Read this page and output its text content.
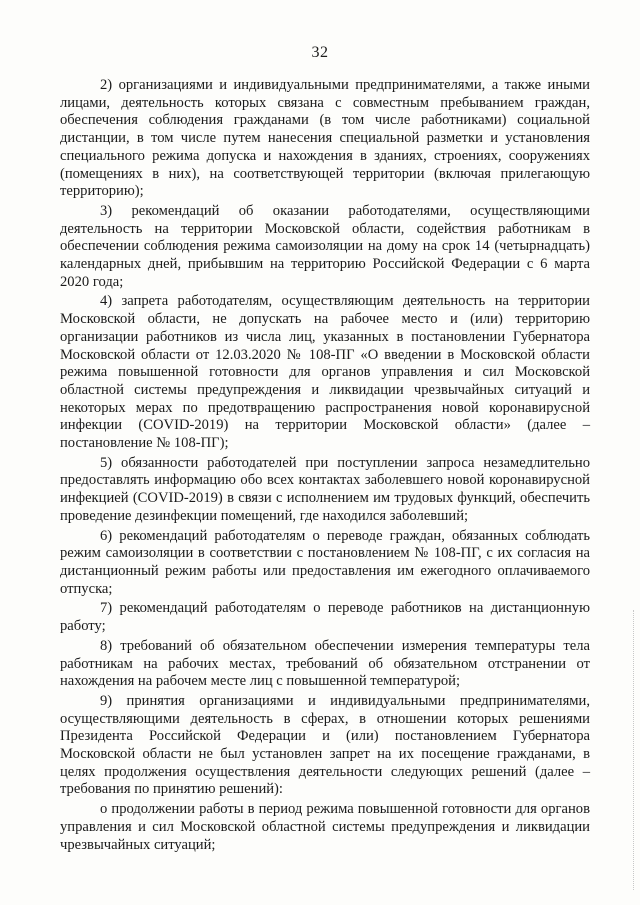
32

2) организациями и индивидуальными предпринимателями, а также иными лицами, деятельность которых связана с совместным пребыванием граждан, обеспечения соблюдения гражданами (в том числе работниками) социальной дистанции, в том числе путем нанесения специальной разметки и установления специального режима допуска и нахождения в зданиях, строениях, сооружениях (помещениях в них), на соответствующей территории (включая прилегающую территорию);

3) рекомендаций об оказании работодателями, осуществляющими деятельность на территории Московской области, содействия работникам в обеспечении соблюдения режима самоизоляции на дому на срок 14 (четырнадцать) календарных дней, прибывшим на территорию Российской Федерации с 6 марта 2020 года;

4) запрета работодателям, осуществляющим деятельность на территории Московской области, не допускать на рабочее место и (или) территорию организации работников из числа лиц, указанных в постановлении Губернатора Московской области от 12.03.2020 № 108-ПГ «О введении в Московской области режима повышенной готовности для органов управления и сил Московской областной системы предупреждения и ликвидации чрезвычайных ситуаций и некоторых мерах по предотвращению распространения новой коронавирусной инфекции (COVID-2019) на территории Московской области» (далее – постановление № 108-ПГ);

5) обязанности работодателей при поступлении запроса незамедлительно предоставлять информацию обо всех контактах заболевшего новой коронавирусной инфекцией (COVID-2019) в связи с исполнением им трудовых функций, обеспечить проведение дезинфекции помещений, где находился заболевший;

6) рекомендаций работодателям о переводе граждан, обязанных соблюдать режим самоизоляции в соответствии с постановлением № 108-ПГ, с их согласия на дистанционный режим работы или предоставления им ежегодного оплачиваемого отпуска;

7) рекомендаций работодателям о переводе работников на дистанционную работу;

8) требований об обязательном обеспечении измерения температуры тела работникам на рабочих местах, требований об обязательном отстранении от нахождения на рабочем месте лиц с повышенной температурой;

9) принятия организациями и индивидуальными предпринимателями, осуществляющими деятельность в сферах, в отношении которых решениями Президента Российской Федерации и (или) постановлением Губернатора Московской области не был установлен запрет на их посещение гражданами, в целях продолжения осуществления деятельности следующих решений (далее – требования по принятию решений):

о продолжении работы в период режима повышенной готовности для органов управления и сил Московской областной системы предупреждения и ликвидации чрезвычайных ситуаций;
